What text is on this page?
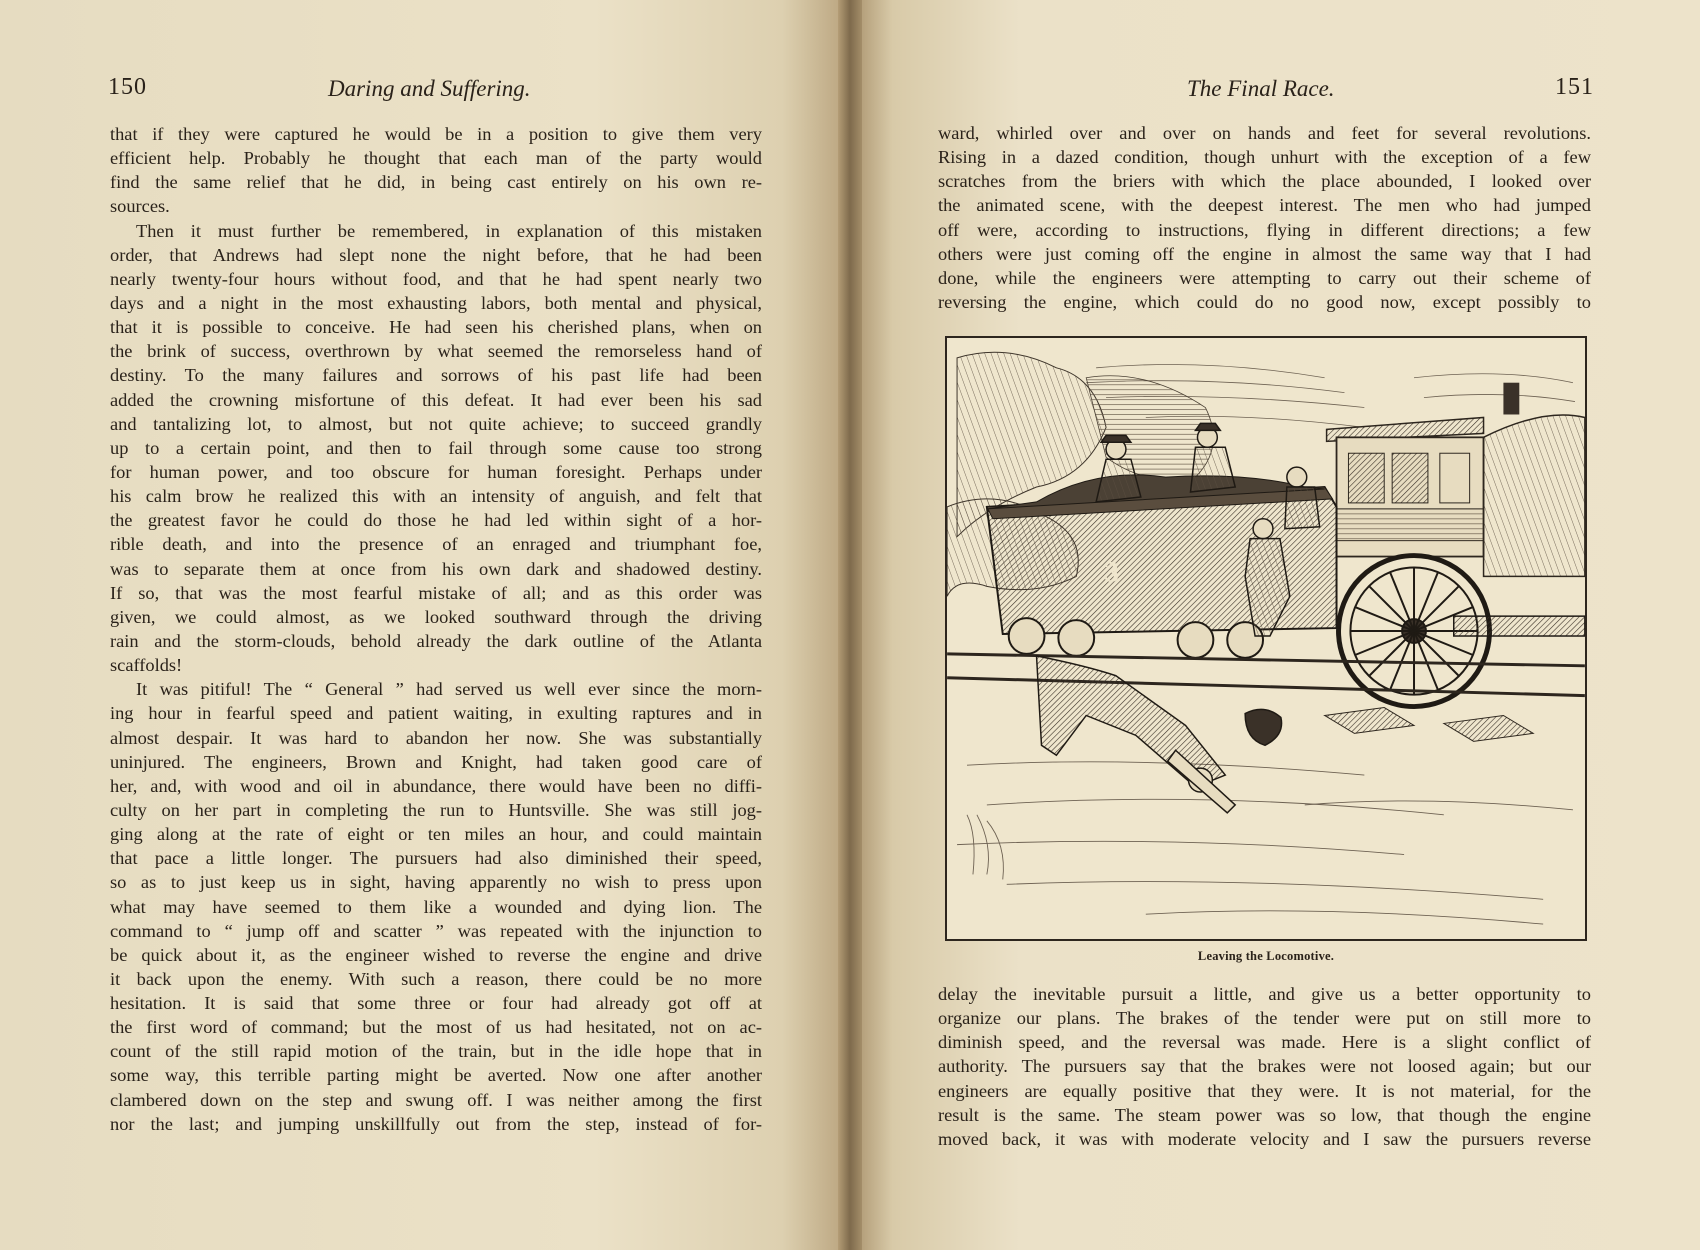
150	Daring and Suffering.	The Final Race.	151
that if they were captured he would be in a position to give them very
efficient help. Probably he thought that each man of the party would
find the same relief that he did, in being cast entirely on his own re-
sources.
Then it must further be remembered, in explanation of this mistaken
order, that Andrews had slept none the night before, that he had been
nearly twenty-four hours without food, and that he had spent nearly two
days and a night in the most exhausting labors, both mental and physical,
that it is possible to conceive. He had seen his cherished plans, when on
the brink of success, overthrown by what seemed the remorseless hand of
destiny. To the many failures and sorrows of his past life had been
added the crowning misfortune of this defeat. It had ever been his sad
and tantalizing lot, to almost, but not quite achieve; to succeed grandly
up to a certain point, and then to fail through some cause too strong
for human power, and too obscure for human foresight. Perhaps under
his calm brow he realized this with an intensity of anguish, and felt that
the greatest favor he could do those he had led within sight of a hor-
rible death, and into the presence of an enraged and triumphant foe,
was to separate them at once from his own dark and shadowed destiny.
If so, that was the most fearful mistake of all; and as this order was
given, we could almost, as we looked southward through the driving
rain and the storm-clouds, behold already the dark outline of the Atlanta
scaffolds!
It was pitiful! The “ General ” had served us well ever since the morn-
ing hour in fearful speed and patient waiting, in exulting raptures and in
almost despair. It was hard to abandon her now. She was substantially
uninjured. The engineers, Brown and Knight, had taken good care of
her, and, with wood and oil in abundance, there would have been no diffi-
culty on her part in completing the run to Huntsville. She was still jog-
ging along at the rate of eight or ten miles an hour, and could maintain
that pace a little longer. The pursuers had also diminished their speed,
so as to just keep us in sight, having apparently no wish to press upon
what may have seemed to them like a wounded and dying lion. The
command to “ jump off and scatter ” was repeated with the injunction to
be quick about it, as the engineer wished to reverse the engine and drive
it back upon the enemy. With such a reason, there could be no more
hesitation. It is said that some three or four had already got off at
the first word of command; but the most of us had hesitated, not on ac-
count of the still rapid motion of the train, but in the idle hope that in
some way, this terrible parting might be averted. Now one after another
clambered down on the step and swung off. I was neither among the first
nor the last; and jumping unskillfully out from the step, instead of for-
ward, whirled over and over on hands and feet for several revolutions.
Rising in a dazed condition, though unhurt with the exception of a few
scratches from the briers with which the place abounded, I looked over
the animated scene, with the deepest interest. The men who had jumped
off were, according to instructions, flying in different directions; a few
others were just coming off the engine in almost the same way that I had
done, while the engineers were attempting to carry out their scheme of
reversing the engine, which could do no good now, except possibly to
3
Leaving the Locomotive.
delay the inevitable pursuit a little, and give us a better opportunity to
organize our plans. The brakes of the tender were put on still more to
diminish speed, and the reversal was made. Here is a slight conflict of
authority. The pursuers say that the brakes were not loosed again; but our
engineers are equally positive that they were. It is not material, for the
result is the same. The steam power was so low, that though the engine
moved back, it was with moderate velocity and I saw the pursuers reverse
